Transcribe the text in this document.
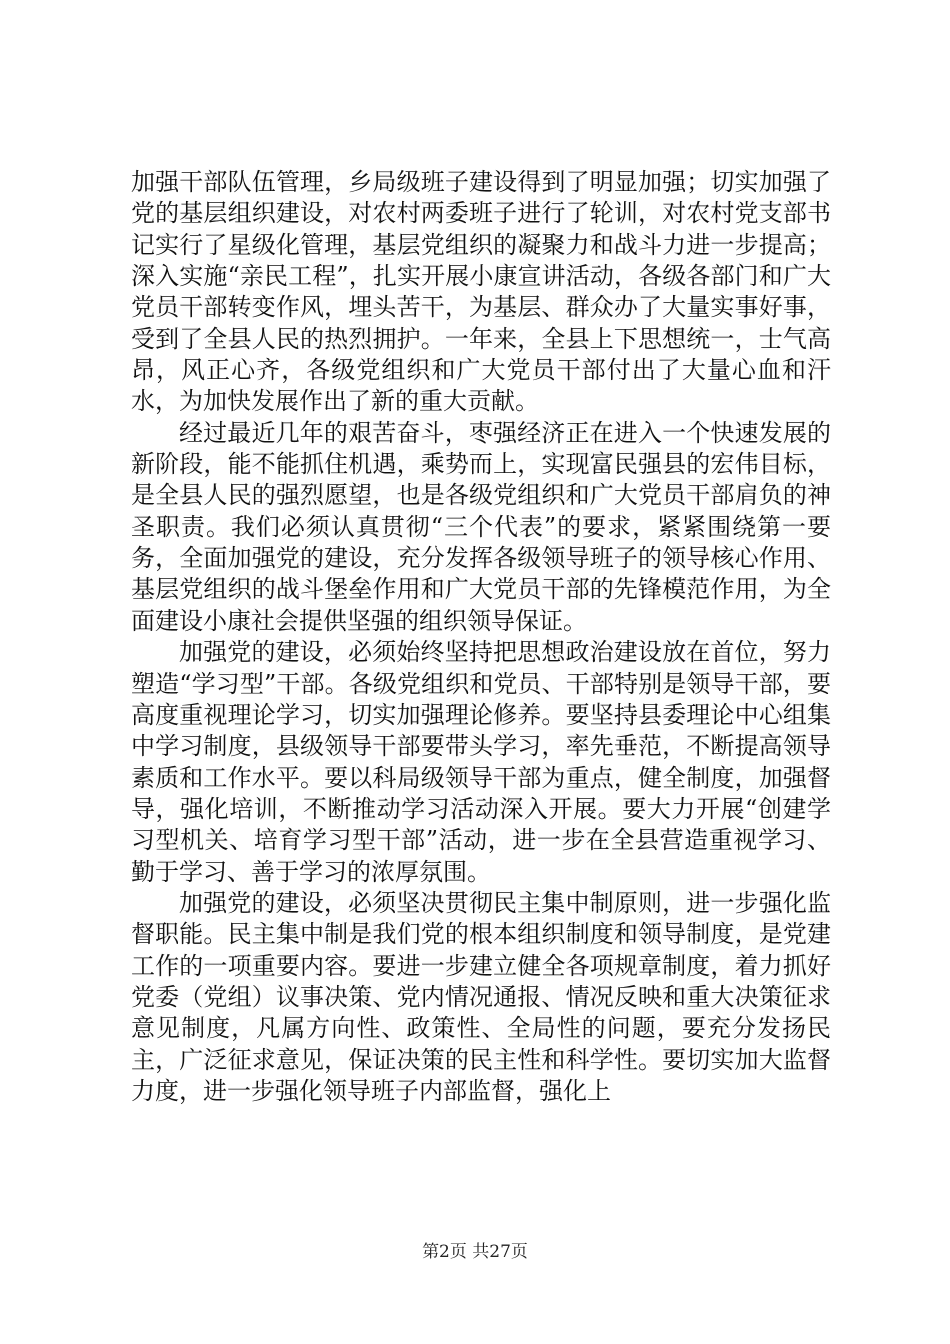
加强干部队伍管理，乡局级班子建设得到了明显加强；切实加强了党的基层组织建设，对农村两委班子进行了轮训，对农村党支部书记实行了星级化管理，基层党组织的凝聚力和战斗力进一步提高；深入实施“亲民工程”，扎实开展小康宣讲活动，各级各部门和广大党员干部转变作风，埋头苦干，为基层、群众办了大量实事好事，受到了全县人民的热烈拥护。一年来，全县上下思想统一，士气高昂，风正心齐，各级党组织和广大党员干部付出了大量心血和汗水，为加快发展作出了新的重大贡献。

经过最近几年的艰苦奋斗，枣强经济正在进入一个快速发展的新阶段，能不能抓住机遇，乘势而上，实现富民强县的宏伟目标，是全县人民的强烈愿望，也是各级党组织和广大党员干部肩负的神圣职责。我们必须认真贯彻“三个代表”的要求，紧紧围绕第一要务，全面加强党的建设，充分发挥各级领导班子的领导核心作用、基层党组织的战斗堡垒作用和广大党员干部的先锋模范作用，为全面建设小康社会提供坚强的组织领导保证。

加强党的建设，必须始终坚持把思想政治建设放在首位，努力塑造“学习型”干部。各级党组织和党员、干部特别是领导干部，要高度重视理论学习，切实加强理论修养。要坚持县委理论中心组集中学习制度，县级领导干部要带头学习，率先垂范，不断提高领导素质和工作水平。要以科局级领导干部为重点，健全制度，加强督导，强化培训，不断推动学习活动深入开展。要大力开展“创建学习型机关、培育学习型干部”活动，进一步在全县营造重视学习、勤于学习、善于学习的浓厚氛围。

加强党的建设，必须坚决贯彻民主集中制原则，进一步强化监督职能。民主集中制是我们党的根本组织制度和领导制度，是党建工作的一项重要内容。要进一步建立健全各项规章制度，着力抓好党委（党组）议事决策、党内情况通报、情况反映和重大决策征求意见制度，凡属方向性、政策性、全局性的问题，要充分发扬民主，广泛征求意见，保证决策的民主性和科学性。要切实加大监督力度，进一步强化领导班子内部监督，强化上

第2页 共27页
